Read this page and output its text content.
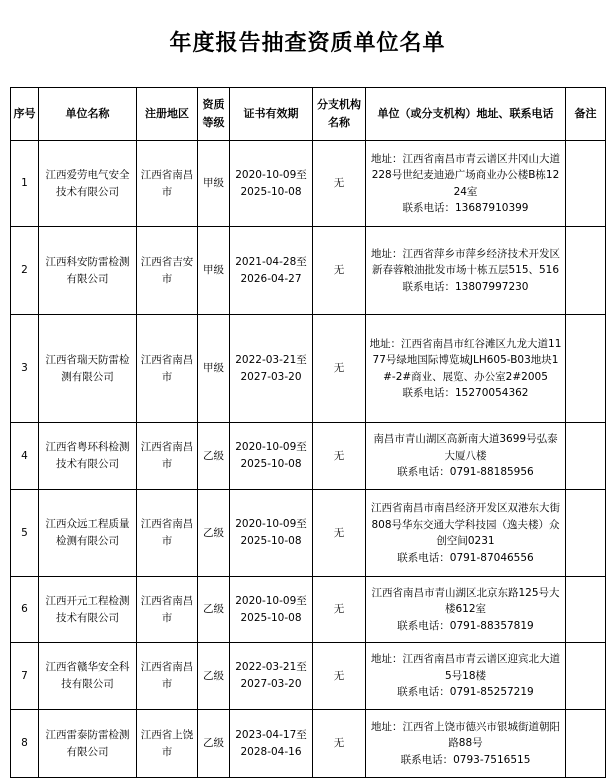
年度报告抽查资质单位名单
序号	单位名称	注册地区	资质等级	证书有效期	分支机构名称	单位（或分支机构）地址、联系电话	备注
1	江西爱劳电气安全技术有限公司	江西省南昌市	甲级	2020-10-09至2025-10-08	无	地址：江西省南昌市青云谱区井冈山大道228号世纪麦迪逊广场商业办公楼B栋1224室
联系电话：13687910399	

2	江西科安防雷检测有限公司	江西省吉安市	甲级	2021-04-28至2026-04-27	无	地址：江西省萍乡市萍乡经济技术开发区新春蓉粮油批发市场十栋五层515、516
联系电话：13807997230	

3	江西省瑞天防雷检测有限公司	江西省南昌市	甲级	2022-03-21至2027-03-20	无	地址：江西省南昌市红谷滩区九龙大道1177号绿地国际博览城JLH605-B03地块1#-2#商业、展览、办公室2#2005
联系电话：15270054362	

4	江西省粤环科检测技术有限公司	江西省南昌市	乙级	2020-10-09至2025-10-08	无	南昌市青山湖区高新南大道3699号弘泰大厦八楼
联系电话：0791-88185956	

5	江西众远工程质量检测有限公司	江西省南昌市	乙级	2020-10-09至2025-10-08	无	江西省南昌市南昌经济开发区双港东大街808号华东交通大学科技园（逸夫楼）众创空间0231
联系电话：0791-87046556	

6	江西开元工程检测技术有限公司	江西省南昌市	乙级	2020-10-09至2025-10-08	无	江西省南昌市青山湖区北京东路125号大楼612室
联系电话：0791-88357819	

7	江西省赣华安全科技有限公司	江西省南昌市	乙级	2022-03-21至2027-03-20	无	地址：江西省南昌市青云谱区迎宾北大道5号18楼
联系电话：0791-85257219	

8	江西雷泰防雷检测有限公司	江西省上饶市	乙级	2023-04-17至2028-04-16	无	地址：江西省上饶市德兴市银城街道朝阳路88号
联系电话：0793-7516515	
